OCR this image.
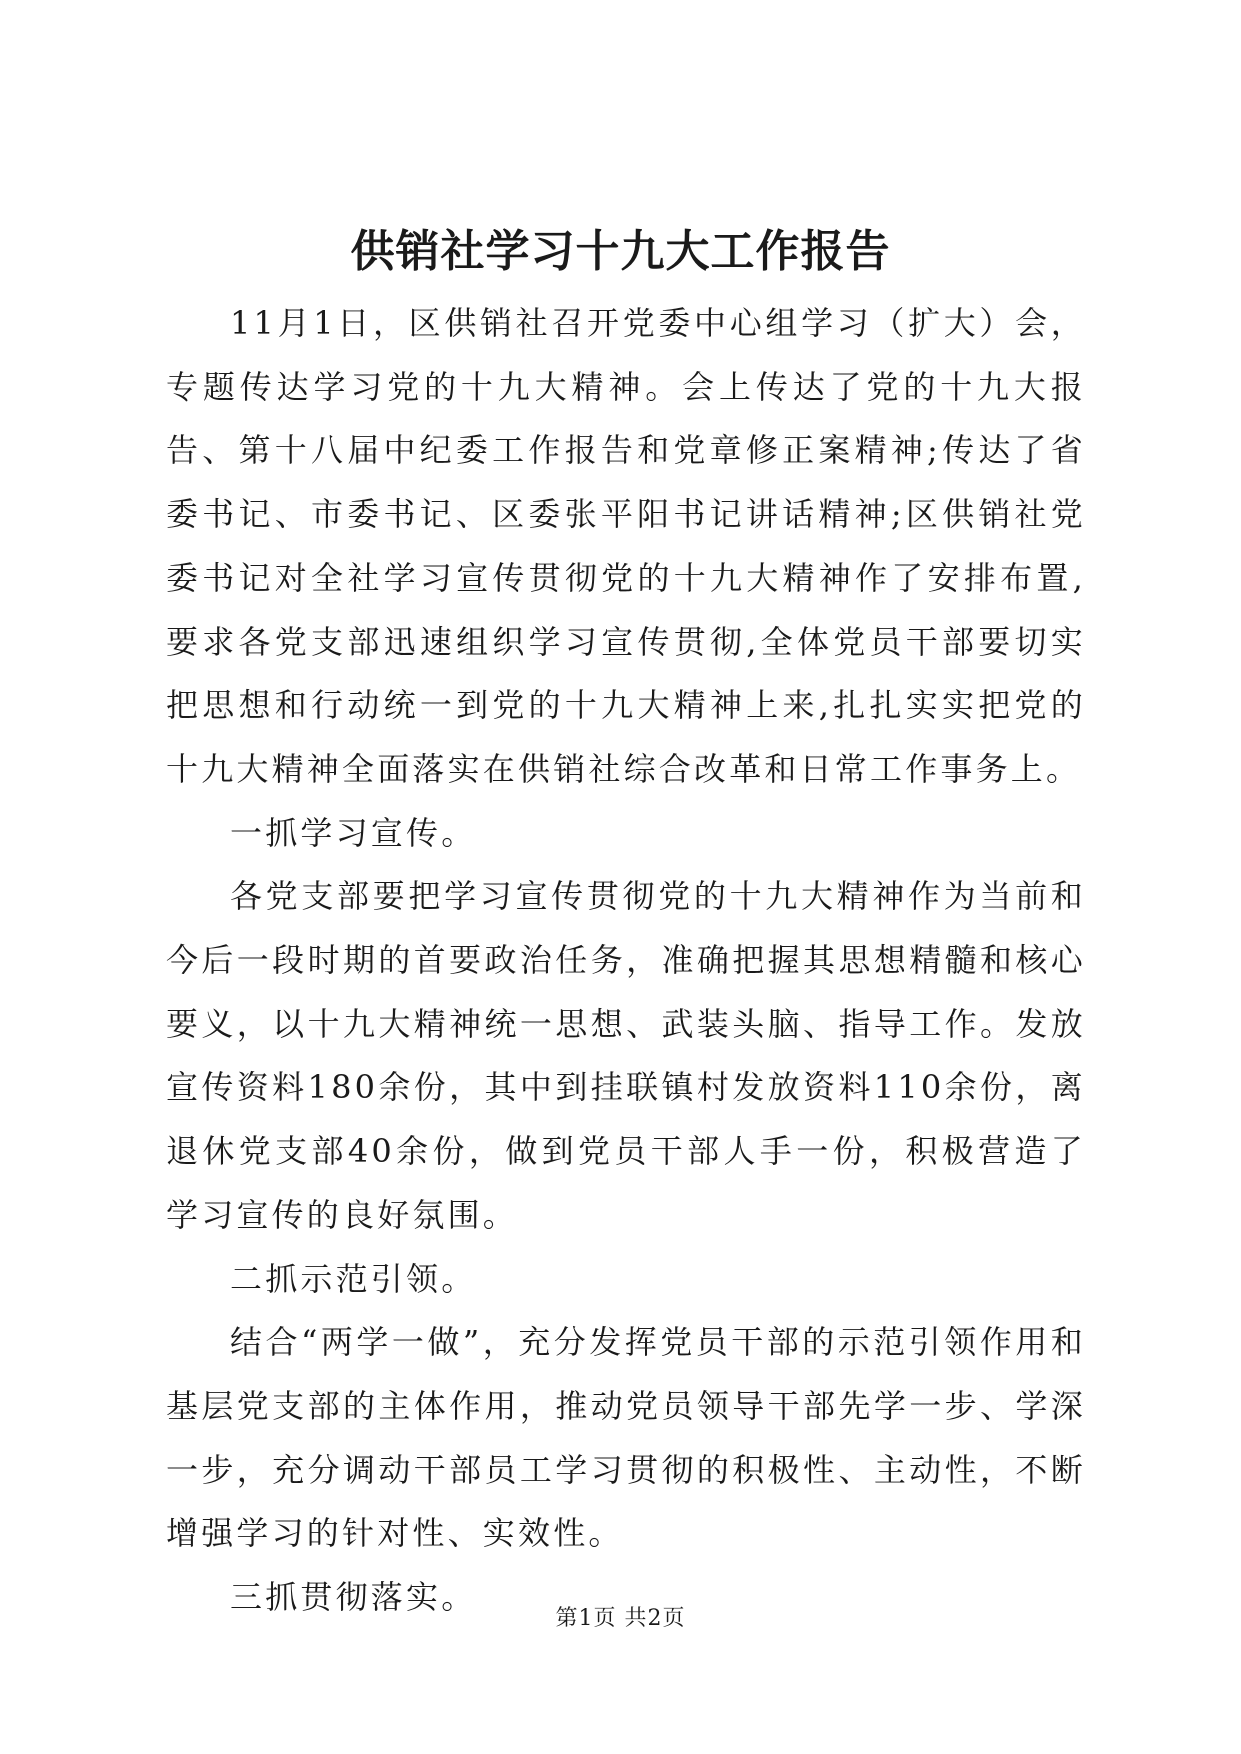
供销社学习十九大工作报告

11月1日，区供销社召开党委中心组学习（扩大）会，专题传达学习党的十九大精神。会上传达了党的十九大报告、第十八届中纪委工作报告和党章修正案精神;传达了省委书记、市委书记、区委张平阳书记讲话精神;区供销社党委书记对全社学习宣传贯彻党的十九大精神作了安排布置,要求各党支部迅速组织学习宣传贯彻,全体党员干部要切实把思想和行动统一到党的十九大精神上来,扎扎实实把党的十九大精神全面落实在供销社综合改革和日常工作事务上。

一抓学习宣传。

各党支部要把学习宣传贯彻党的十九大精神作为当前和今后一段时期的首要政治任务，准确把握其思想精髓和核心要义，以十九大精神统一思想、武装头脑、指导工作。发放宣传资料180余份，其中到挂联镇村发放资料110余份，离退休党支部40余份，做到党员干部人手一份，积极营造了学习宣传的良好氛围。

二抓示范引领。

结合“两学一做”，充分发挥党员干部的示范引领作用和基层党支部的主体作用，推动党员领导干部先学一步、学深一步，充分调动干部员工学习贯彻的积极性、主动性，不断增强学习的针对性、实效性。

三抓贯彻落实。

第1页 共2页
